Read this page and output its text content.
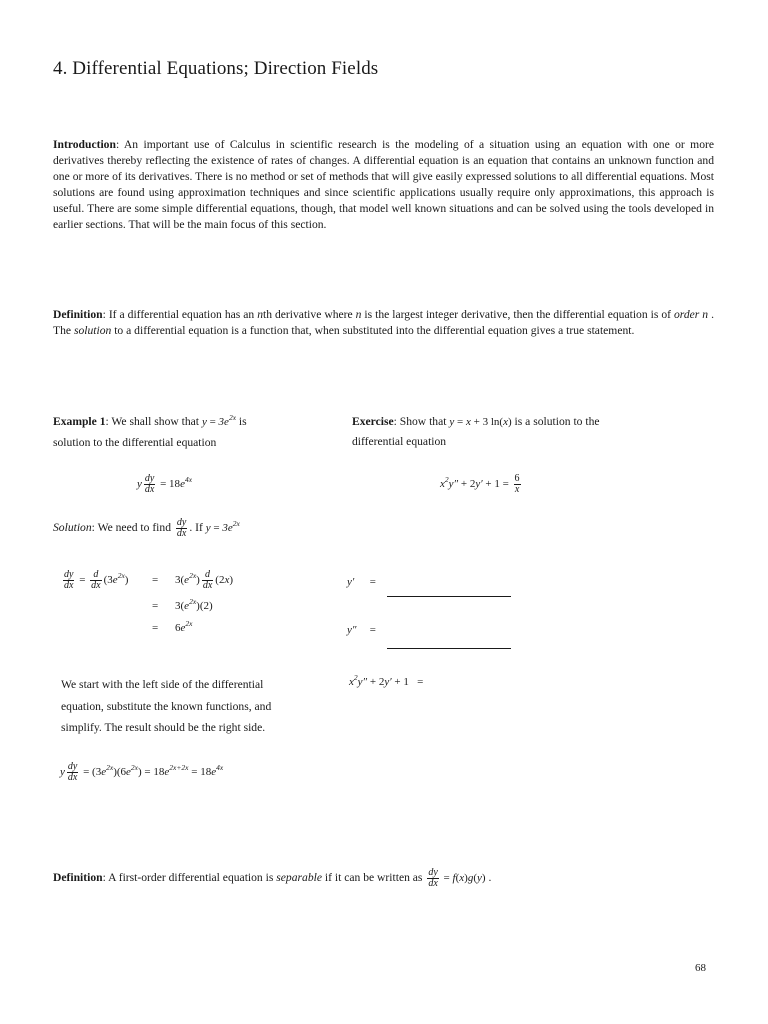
4. Differential Equations; Direction Fields
Introduction: An important use of Calculus in scientific research is the modeling of a situation using an equation with one or more derivatives thereby reflecting the existence of rates of changes. A differential equation is an equation that contains an unknown function and one or more of its derivatives. There is no method or set of methods that will give easily expressed solutions to all differential equations. Most solutions are found using approximation techniques and since scientific applications usually require only approximations, this approach is useful. There are some simple differential equations, though, that model well known situations and can be solved using the tools developed in earlier sections. That will be the main focus of this section.
Definition: If a differential equation has an nth derivative where n is the largest integer derivative, then the differential equation is of order n . The solution to a differential equation is a function that, when substituted into the differential equation gives a true statement.
Example 1: We shall show that $y = 3e^{2x}$ is
solution to the differential equation
Exercise: Show that y = x + 3 ln(x) is a solution to the
differential equation
y $\frac{dy}{dx} = 18e^{4x}$	$x^2y'' + 2y' + 1 = \frac{6}{x}$
Solution: We need to find $\frac{dy}{dx}$ . If $y = 3e^{2x}$
$\frac{dy}{dx} = \frac{d}{dx} (3e^{2x}) = 3(e^{2x}) \frac{d}{dx} (2x)$
= $3(e^{2x})(2)$
= $6e^{2x}$
y′ =
y″ =
We start with the left side of the differential
equation, substitute the known functions, and
simplify. The result should be the right side.
$x^2y'' + 2y' + 1$ =
y $\frac{dy}{dx} = (3e^{2x})(6e^{2x}) = 18e^{2x+2x} = 18e^{4x}$
Definition: A first-order differential equation is separable if it can be written as $\frac{dy}{dx} = f(x)g(y)$ .
68
